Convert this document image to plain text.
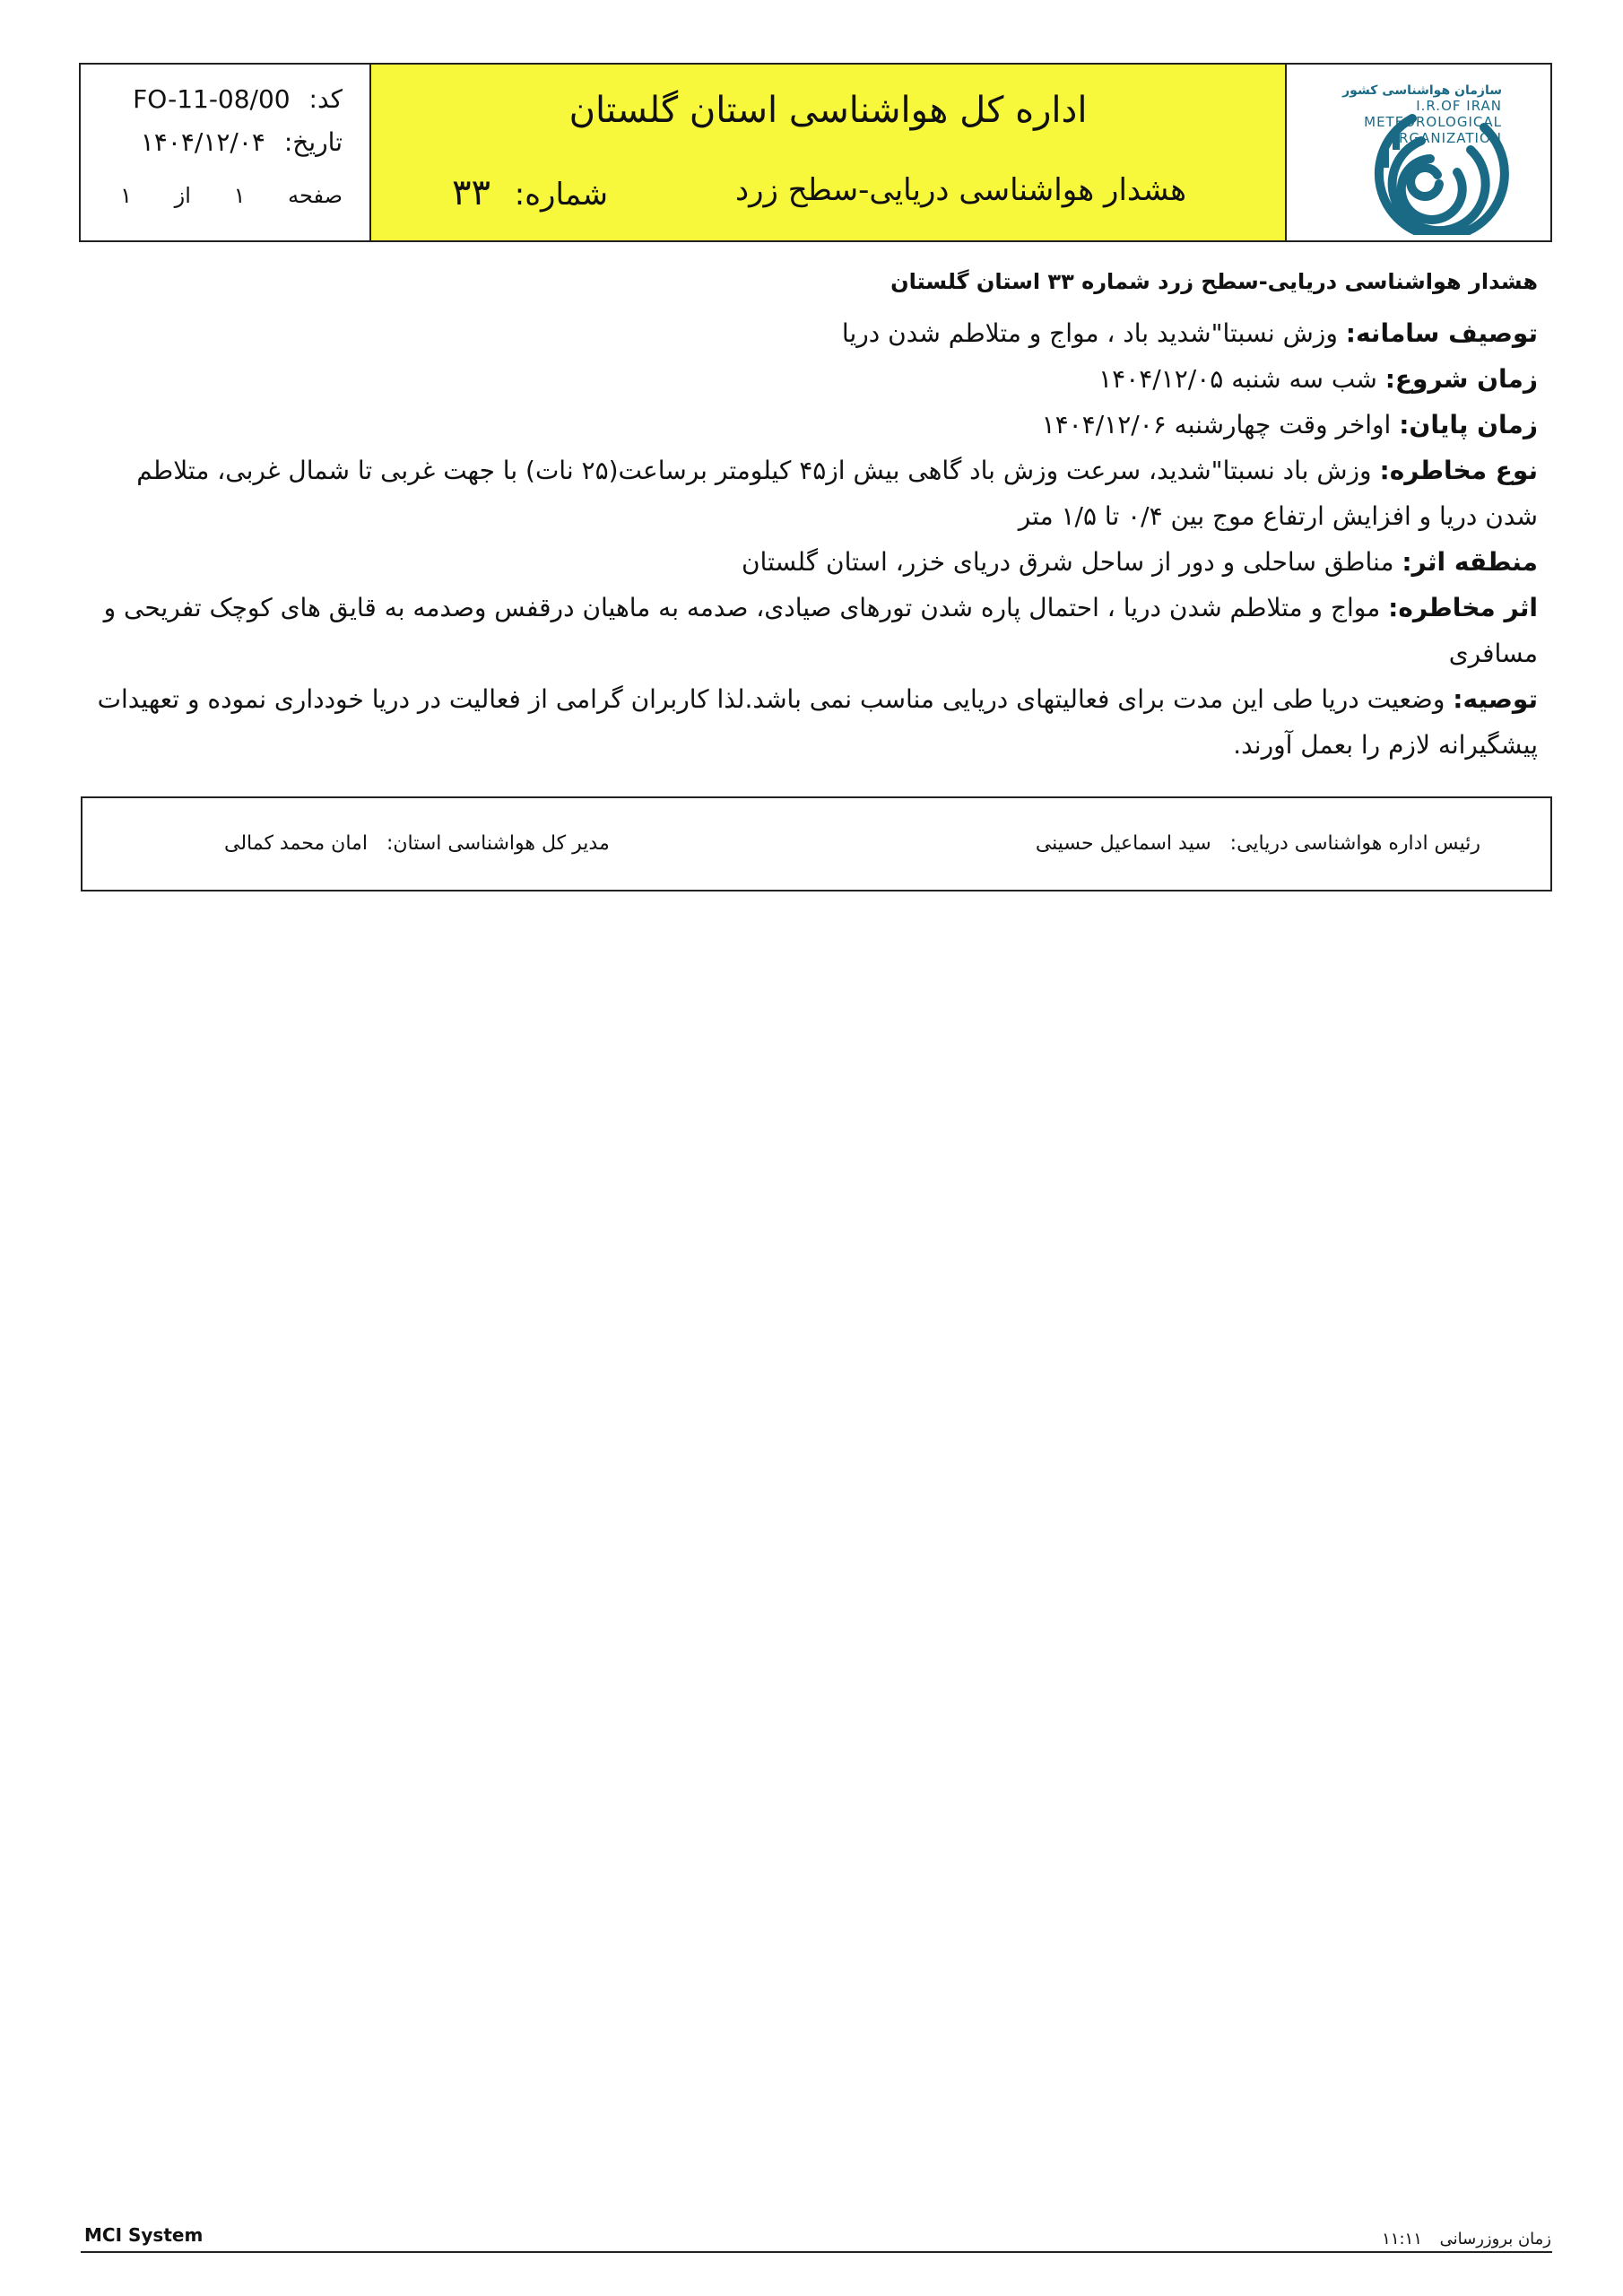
کد: FO-11-08/00
تاریخ: ۱۴۰۴/۱۲/۰۴
صفحه ۱ از ۱
اداره کل هواشناسی استان گلستان
هشدار هواشناسی دریایی-سطح زرد
شماره: ۳۳
سازمان هواشناسی کشور
I.R.OF IRAN
METEOROLOGICAL
ORGANIZATION
هشدار هواشناسی دریایی-سطح زرد شماره ۳۳ استان گلستان
توصیف سامانه: وزش نسبتا"شدید باد ، مواج و متلاطم شدن دریا
زمان شروع: شب سه شنبه ۱۴۰۴/۱۲/۰۵
زمان پایان: اواخر وقت چهارشنبه ۱۴۰۴/۱۲/۰۶
نوع مخاطره: وزش باد نسبتا"شدید، سرعت وزش باد گاهی بیش از۴۵ کیلومتر برساعت(۲۵ نات) با جهت غربی تا شمال غربی، متلاطم شدن دریا و افزایش ارتفاع موج بین ۰/۴ تا ۱/۵ متر
منطقه اثر: مناطق ساحلی و دور از ساحل شرق دریای خزر، استان گلستان
اثر مخاطره: مواج و متلاطم شدن دریا ، احتمال پاره شدن تورهای صیادی، صدمه به ماهیان درقفس وصدمه به قایق های کوچک تفریحی و مسافری
توصیه: وضعیت دریا طی این مدت برای فعالیتهای دریایی مناسب نمی باشد.لذا کاربران گرامی از فعالیت در دریا خودداری نموده و تعهیدات پیشگیرانه لازم را بعمل آورند.
رئیس اداره هواشناسی دریایی: سید اسماعیل حسینی
مدیر کل هواشناسی استان: امان محمد کمالی
MCI System	زمان بروزرسانی ۱۱:۱۱
